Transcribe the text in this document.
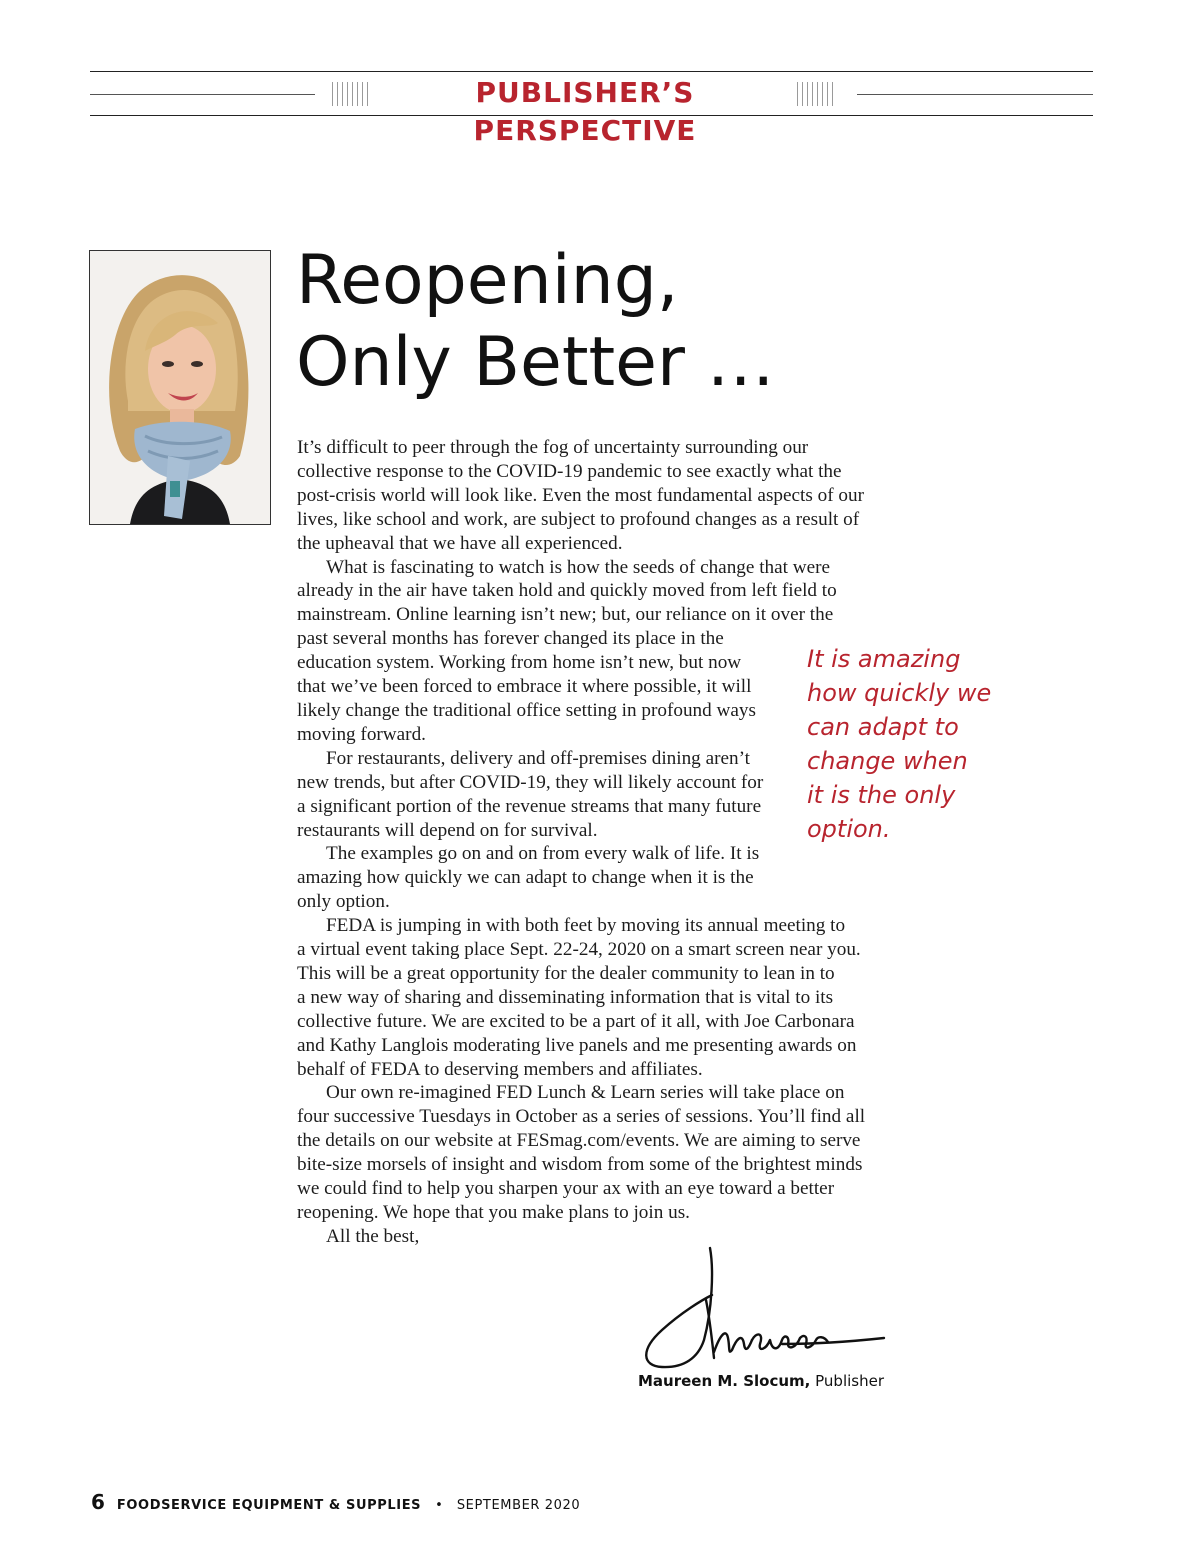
PUBLISHER’S PERSPECTIVE
Reopening,
Only Better …
It’s difficult to peer through the fog of uncertainty surrounding our
collective response to the COVID-19 pandemic to see exactly what the
post-crisis world will look like. Even the most fundamental aspects of our
lives, like school and work, are subject to profound changes as a result of
the upheaval that we have all experienced.
What is fascinating to watch is how the seeds of change that were
already in the air have taken hold and quickly moved from left field to
mainstream. Online learning isn’t new; but, our reliance on it over the
past several months has forever changed its place in the
education system. Working from home isn’t new, but now
that we’ve been forced to embrace it where possible, it will
likely change the traditional office setting in profound ways
moving forward.
For restaurants, delivery and off-premises dining aren’t
new trends, but after COVID-19, they will likely account for
a significant portion of the revenue streams that many future
restaurants will depend on for survival.
The examples go on and on from every walk of life. It is
amazing how quickly we can adapt to change when it is the
only option.
FEDA is jumping in with both feet by moving its annual meeting to
a virtual event taking place Sept. 22-24, 2020 on a smart screen near you.
This will be a great opportunity for the dealer community to lean in to
a new way of sharing and disseminating information that is vital to its
collective future. We are excited to be a part of it all, with Joe Carbonara
and Kathy Langlois moderating live panels and me presenting awards on
behalf of FEDA to deserving members and affiliates.
Our own re-imagined FED Lunch & Learn series will take place on
four successive Tuesdays in October as a series of sessions. You’ll find all
the details on our website at FESmag.com/events. We are aiming to serve
bite-size morsels of insight and wisdom from some of the brightest minds
we could find to help you sharpen your ax with an eye toward a better
reopening. We hope that you make plans to join us.
All the best,
It is amazing
how quickly we
can adapt to
change when
it is the only
option.
Maureen M. Slocum, Publisher
6 FOODSERVICE EQUIPMENT & SUPPLIES • SEPTEMBER 2020
